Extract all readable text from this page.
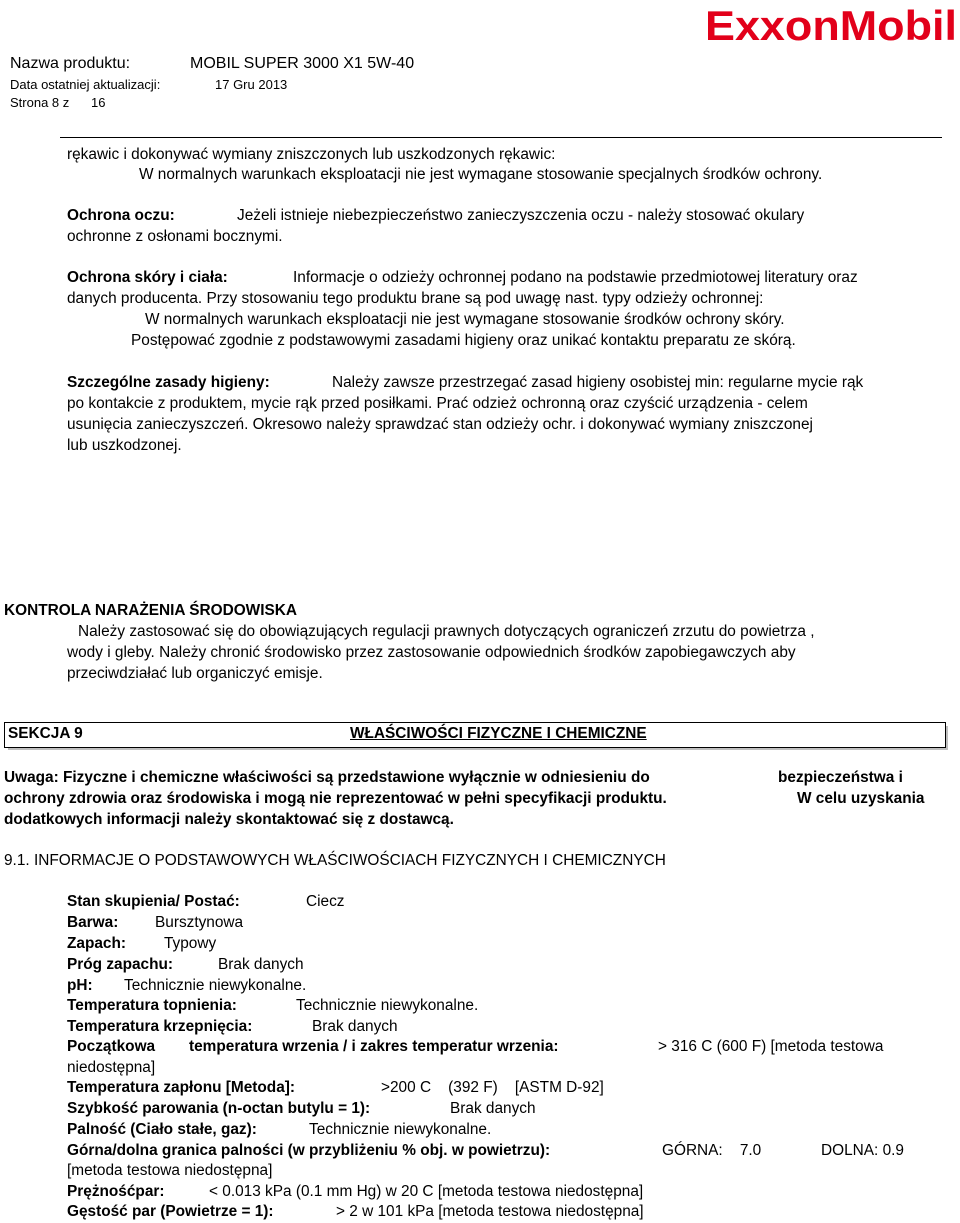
Nazwa produktu:	MOBIL SUPER 3000 X1 5W-40
Data ostatniej aktualizacji:	17 Gru 2013
Strona 8 z 16
ExxonMobil
rękawic i dokonywać wymiany zniszczonych lub uszkodzonych rękawic:
W normalnych warunkach eksploatacji nie jest wymagane stosowanie specjalnych środków ochrony.
Ochrona oczu:	Jeżeli istnieje niebezpieczeństwo zanieczyszczenia oczu - należy stosować okulary
ochronne z osłonami bocznymi.
Ochrona skóry i ciała:	Informacje o odzieży ochronnej podano na podstawie przedmiotowej literatury oraz
danych producenta. Przy stosowaniu tego produktu brane są pod uwagę nast. typy odzieży ochronnej:
W normalnych warunkach eksploatacji nie jest wymagane stosowanie środków ochrony skóry.
Postępować zgodnie z podstawowymi zasadami higieny oraz unikać kontaktu preparatu ze skórą.
Szczególne zasady higieny:	Należy zawsze przestrzegać zasad higieny osobistej min: regularne mycie rąk
po kontakcie z produktem, mycie rąk przed posiłkami. Prać odzież ochronną oraz czyścić urządzenia - celem
usunięcia zanieczyszczeń. Okresowo należy sprawdzać stan odzieży ochr. i dokonywać wymiany zniszczonej
lub uszkodzonej.
KONTROLA NARAŻENIA ŚRODOWISKA
Należy zastosować się do obowiązujących regulacji prawnych dotyczących ograniczeń zrzutu do powietrza ,
wody i gleby. Należy chronić środowisko przez zastosowanie odpowiednich środków zapobiegawczych aby
przeciwdziałać lub organiczyć emisje.
SEKCJA 9	WŁAŚCIWOŚCI FIZYCZNE I CHEMICZNE
Uwaga: Fizyczne i chemiczne właściwości są przedstawione wyłącznie w odniesieniu do	bezpieczeństwa i
ochrony zdrowia oraz środowiska i mogą nie reprezentować w pełni specyfikacji produktu.	W celu uzyskania
dodatkowych informacji należy skontaktować się z dostawcą.
9.1. INFORMACJE O PODSTAWOWYCH WŁAŚCIWOŚCIACH FIZYCZNYCH I CHEMICZNYCH
Stan skupienia/ Postać:	Ciecz
Barwa: Bursztynowa
Zapach: Typowy
Próg zapachu:	Brak danych
pH: Technicznie niewykonalne.
Temperatura topnienia:	Technicznie niewykonalne.
Temperatura krzepnięcia:	Brak danych
Początkowa temperatura wrzenia / i zakres temperatur wrzenia:	> 316 C (600 F) [metoda testowa
niedostępna]
Temperatura zapłonu [Metoda]:	>200 C    (392 F)    [ASTM D-92]
Szybkość parowania (n-octan butylu = 1):	Brak danych
Palność (Ciało stałe, gaz):	Technicznie niewykonalne.
Górna/dolna granica palności (w przybliżeniu % obj. w powietrzu):	GÓRNA:    7.0	DOLNA: 0.9
[metoda testowa niedostępna]
Prężnośćpar:	< 0.013 kPa (0.1 mm Hg) w 20 C [metoda testowa niedostępna]
Gęstość par (Powietrze = 1):	> 2 w 101 kPa [metoda testowa niedostępna]
